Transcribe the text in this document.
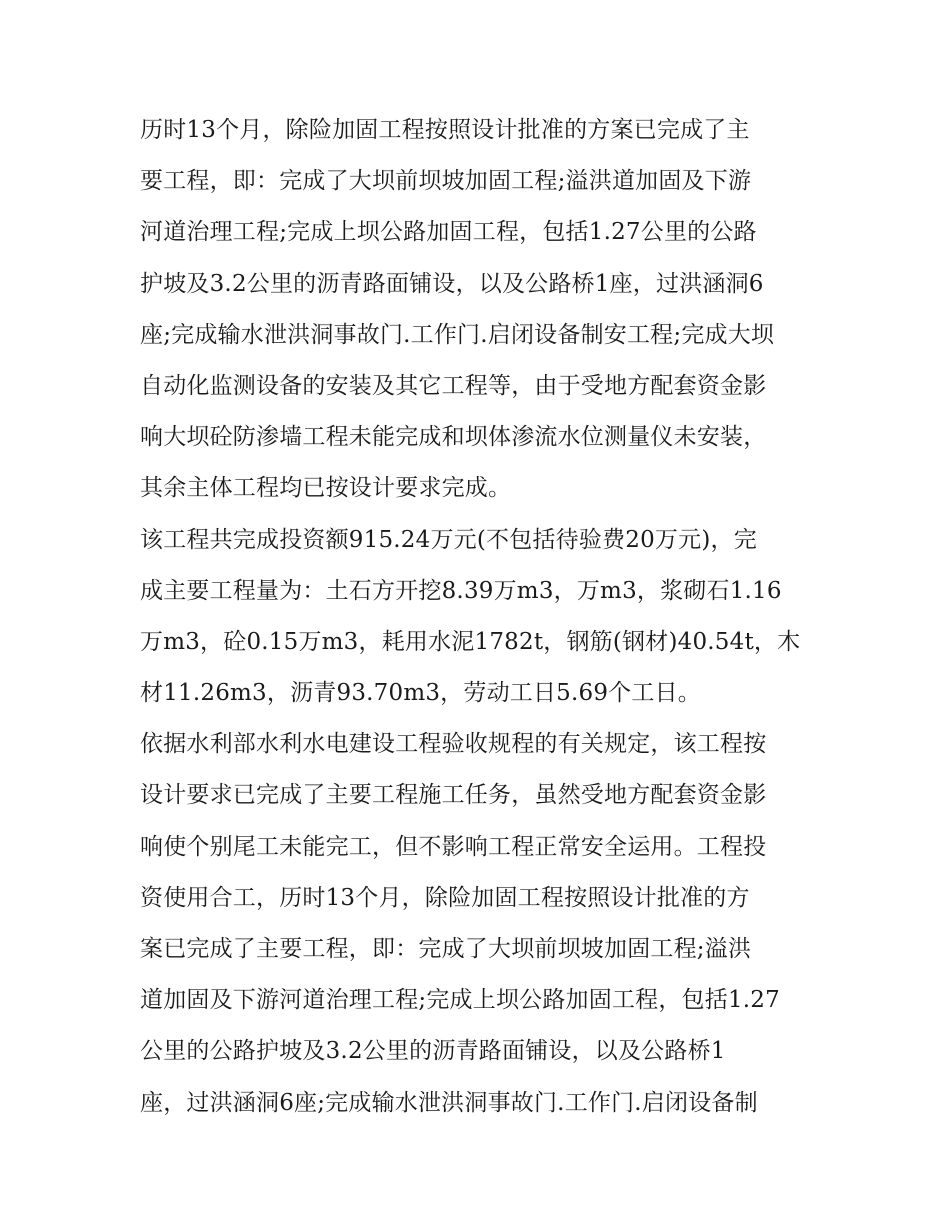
历时13个月，除险加固工程按照设计批准的方案已完成了主
要工程，即：完成了大坝前坝坡加固工程;溢洪道加固及下游
河道治理工程;完成上坝公路加固工程，包括1.27公里的公路
护坡及3.2公里的沥青路面铺设，以及公路桥1座，过洪涵洞6
座;完成输水泄洪洞事故门.工作门.启闭设备制安工程;完成大坝
自动化监测设备的安装及其它工程等，由于受地方配套资金影
响大坝砼防渗墙工程未能完成和坝体渗流水位测量仪未安装，
其余主体工程均已按设计要求完成。
该工程共完成投资额915.24万元(不包括待验费20万元)，完
成主要工程量为：土石方开挖8.39万m3，万m3，浆砌石1.16
万m3，砼0.15万m3，耗用水泥1782t，钢筋(钢材)40.54t，木
材11.26m3，沥青93.70m3，劳动工日5.69个工日。
依据水利部水利水电建设工程验收规程的有关规定，该工程按
设计要求已完成了主要工程施工任务，虽然受地方配套资金影
响使个别尾工未能完工，但不影响工程正常安全运用。工程投
资使用合工，历时13个月，除险加固工程按照设计批准的方
案已完成了主要工程，即：完成了大坝前坝坡加固工程;溢洪
道加固及下游河道治理工程;完成上坝公路加固工程，包括1.27
公里的公路护坡及3.2公里的沥青路面铺设，以及公路桥1
座，过洪涵洞6座;完成输水泄洪洞事故门.工作门.启闭设备制
